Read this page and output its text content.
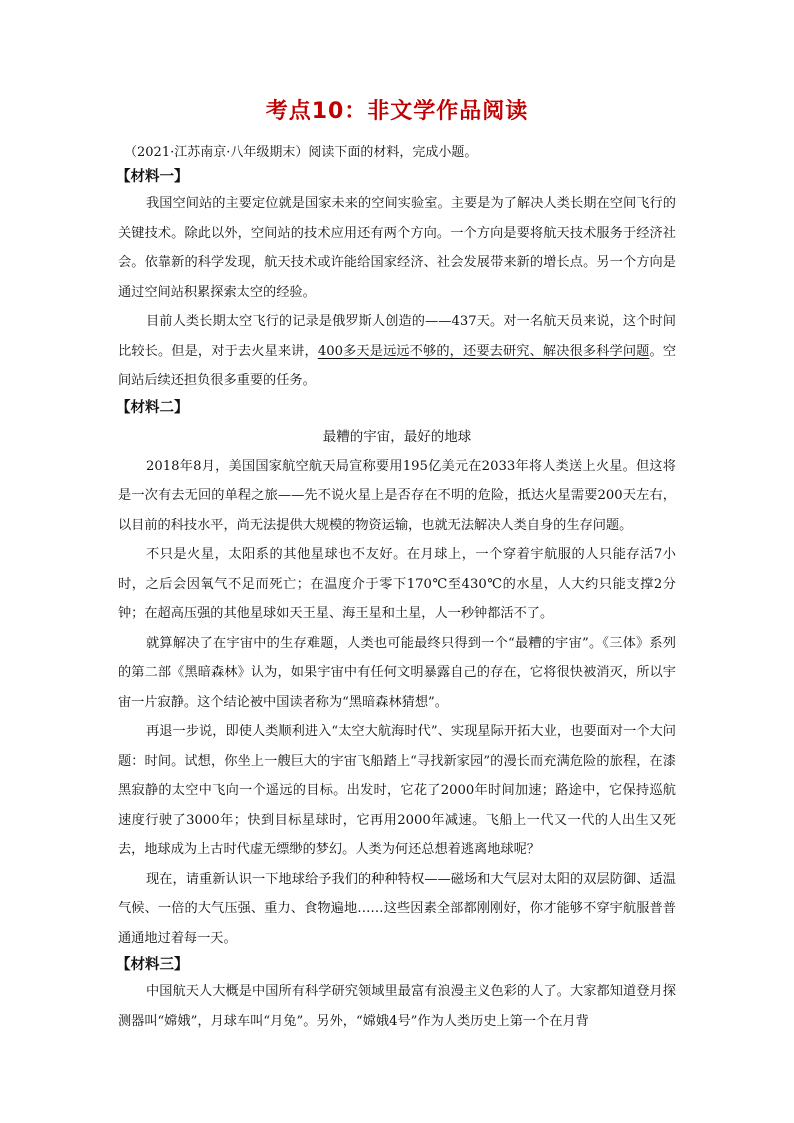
考点10：非文学作品阅读
（2021·江苏南京·八年级期末）阅读下面的材料，完成小题。
【材料一】

我国空间站的主要定位就是国家未来的空间实验室。主要是为了解决人类长期在空间飞行的关键技术。除此以外，空间站的技术应用还有两个方向。一个方向是要将航天技术服务于经济社会。依靠新的科学发现，航天技术或许能给国家经济、社会发展带来新的增长点。另一个方向是通过空间站积累探索太空的经验。

目前人类长期太空飞行的记录是俄罗斯人创造的——437天。对一名航天员来说，这个时间比较长。但是，对于去火星来讲，400多天是远远不够的，还要去研究、解决很多科学问题。空间站后续还担负很多重要的任务。

【材料二】
最糟的宇宙，最好的地球

2018年8月，美国国家航空航天局宣称要用195亿美元在2033年将人类送上火星。但这将是一次有去无回的单程之旅——先不说火星上是否存在不明的危险，抵达火星需要200天左右，以目前的科技水平，尚无法提供大规模的物资运输，也就无法解决人类自身的生存问题。

不只是火星，太阳系的其他星球也不友好。在月球上，一个穿着宇航服的人只能存活7小时，之后会因氧气不足而死亡；在温度介于零下170℃至430℃的水星，人大约只能支撑2分钟；在超高压强的其他星球如天王星、海王星和土星，人一秒钟都活不了。

就算解决了在宇宙中的生存难题，人类也可能最终只得到一个“最糟的宇宙”。《三体》系列的第二部《黑暗森林》认为，如果宇宙中有任何文明暴露自己的存在，它将很快被消灭，所以宇宙一片寂静。这个结论被中国读者称为“黑暗森林猜想”。

再退一步说，即使人类顺利进入“太空大航海时代”、实现星际开拓大业，也要面对一个大问题：时间。试想，你坐上一艘巨大的宇宙飞船踏上“寻找新家园”的漫长而充满危险的旅程，在漆黑寂静的太空中飞向一个遥远的目标。出发时，它花了2000年时间加速；路途中，它保持巡航速度行驶了3000年；快到目标星球时，它再用2000年减速。飞船上一代又一代的人出生又死去，地球成为上古时代虚无缥缈的梦幻。人类为何还总想着逃离地球呢？

现在，请重新认识一下地球给予我们的种种特权——磁场和大气层对太阳的双层防御、适温气候、一倍的大气压强、重力、食物遍地……这些因素全部都刚刚好，你才能够不穿宇航服普普通通地过着每一天。

【材料三】

中国航天人大概是中国所有科学研究领域里最富有浪漫主义色彩的人了。大家都知道登月探测器叫“嫦娥”，月球车叫“月兔”。另外，“嫦娥4号”作为人类历史上第一个在月背
